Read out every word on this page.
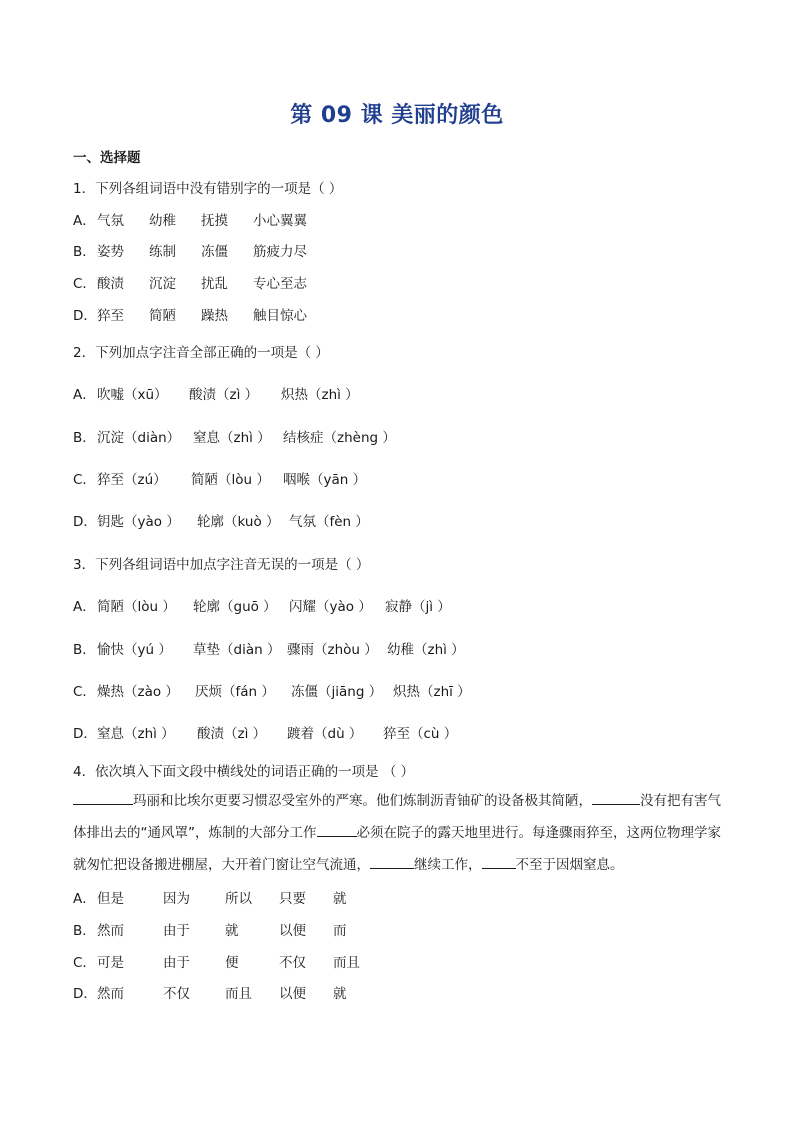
第 09 课 美丽的颜色
一、选择题
1．下列各组词语中没有错别字的一项是（ ）
A．气氛 幼稚 抚摸 小心翼翼
B．姿势 练制 冻僵 筋疲力尽
C．酸渍 沉淀 扰乱 专心至志
D．猝至 简陋 躁热 触目惊心
2．下列加点字注音全部正确的一项是（ ）
A．吹嘘（xū） 酸渍（zì ） 炽热（zhì ）
B．沉淀（diàn） 窒息（zhì ） 结核症（zhèng ）
C．猝至（zú） 简陋（lòu ） 咽喉（yān ）
D．钥匙（yào ） 轮廓（kuò ） 气氛（fèn ）
3．下列各组词语中加点字注音无误的一项是（ ）
A．简陋（lòu ） 轮廓（guō ） 闪耀（yào ） 寂静（jì ）
B．愉快（yú ） 草垫（diàn ） 骤雨（zhòu ） 幼稚（zhì ）
C．燥热（zào ） 厌烦（fán ） 冻僵（jiāng ） 炽热（zhī ）
D．窒息（zhì ） 酸渍（zì ） 踱着（dù ） 猝至（cù ）
4．依次填入下面文段中横线处的词语正确的一项是 （ ）
玛丽和比埃尔更要习惯忍受室外的严寒。他们炼制沥青铀矿的设备极其简陋，	没有把有害气体排出去的“通风罩”，炼制的大部分工作	必须在院子的露天地里进行。每逢骤雨猝至，这两位物理学家就匆忙把设备搬进棚屋，大开着门窗让空气流通，	继续工作，	不至于因烟窒息。
A．但是	因为	所以 只要 就
B．然而	由于	就	以便 而
C．可是	由于	便	不仅 而且
D．然而	不仅	而且 以便 就
